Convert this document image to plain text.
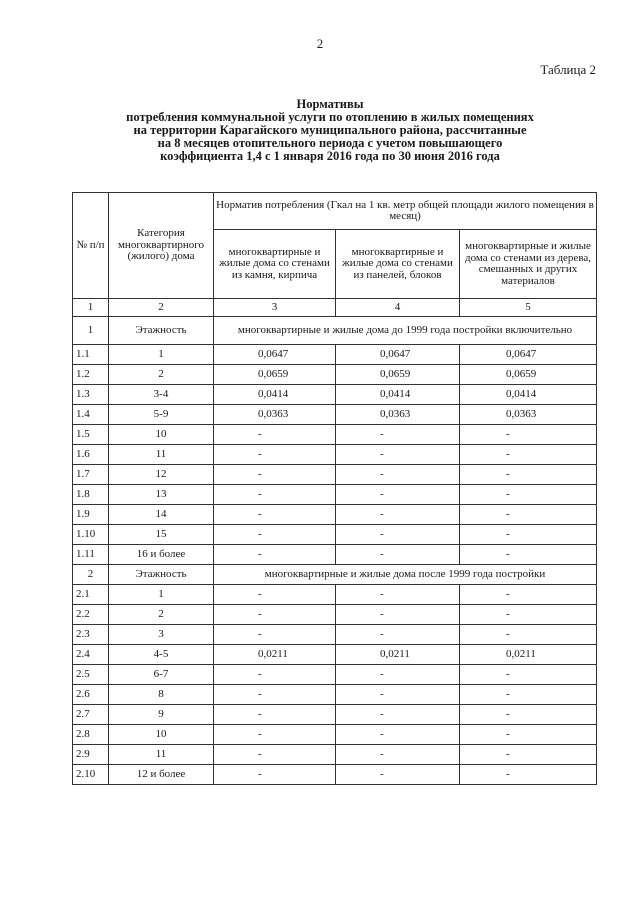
2
Таблица 2
Нормативы
потребления коммунальной услуги по отоплению в жилых помещениях
на территории Карагайского муниципального района, рассчитанные
на 8 месяцев отопительного периода с учетом повышающего
коэффициента 1,4 с 1 января 2016 года по 30 июня 2016 года
№ п/п	Категория многоквартирного (жилого) дома	Норматив потребления (Гкал на 1 кв. метр общей площади жилого помещения в месяц)		
		многоквартирные и жилые дома со стенами из камня, кирпича	многоквартирные и жилые дома со стенами из панелей, блоков	многоквартирные и жилые дома со стенами из дерева, смешанных и других материалов
1	2	3	4	5
1	Этажность	многоквартирные и жилые дома до 1999 года постройки включительно		
1.1	1	0,0647	0,0647	0,0647
1.2	2	0,0659	0,0659	0,0659
1.3	3-4	0,0414	0,0414	0,0414
1.4	5-9	0,0363	0,0363	0,0363
1.5	10	-	-	-
1.6	11	-	-	-
1.7	12	-	-	-
1.8	13	-	-	-
1.9	14	-	-	-
1.10	15	-	-	-
1.11	16 и более	-	-	-
2	Этажность	многоквартирные и жилые дома после 1999 года постройки		
2.1	1	-	-	-
2.2	2	-	-	-
2.3	3	-	-	-
2.4	4-5	0,0211	0,0211	0,0211
2.5	6-7	-	-	-
2.6	8	-	-	-
2.7	9	-	-	-
2.8	10	-	-	-
2.9	11	-	-	-
2.10	12 и более	-	-	-
